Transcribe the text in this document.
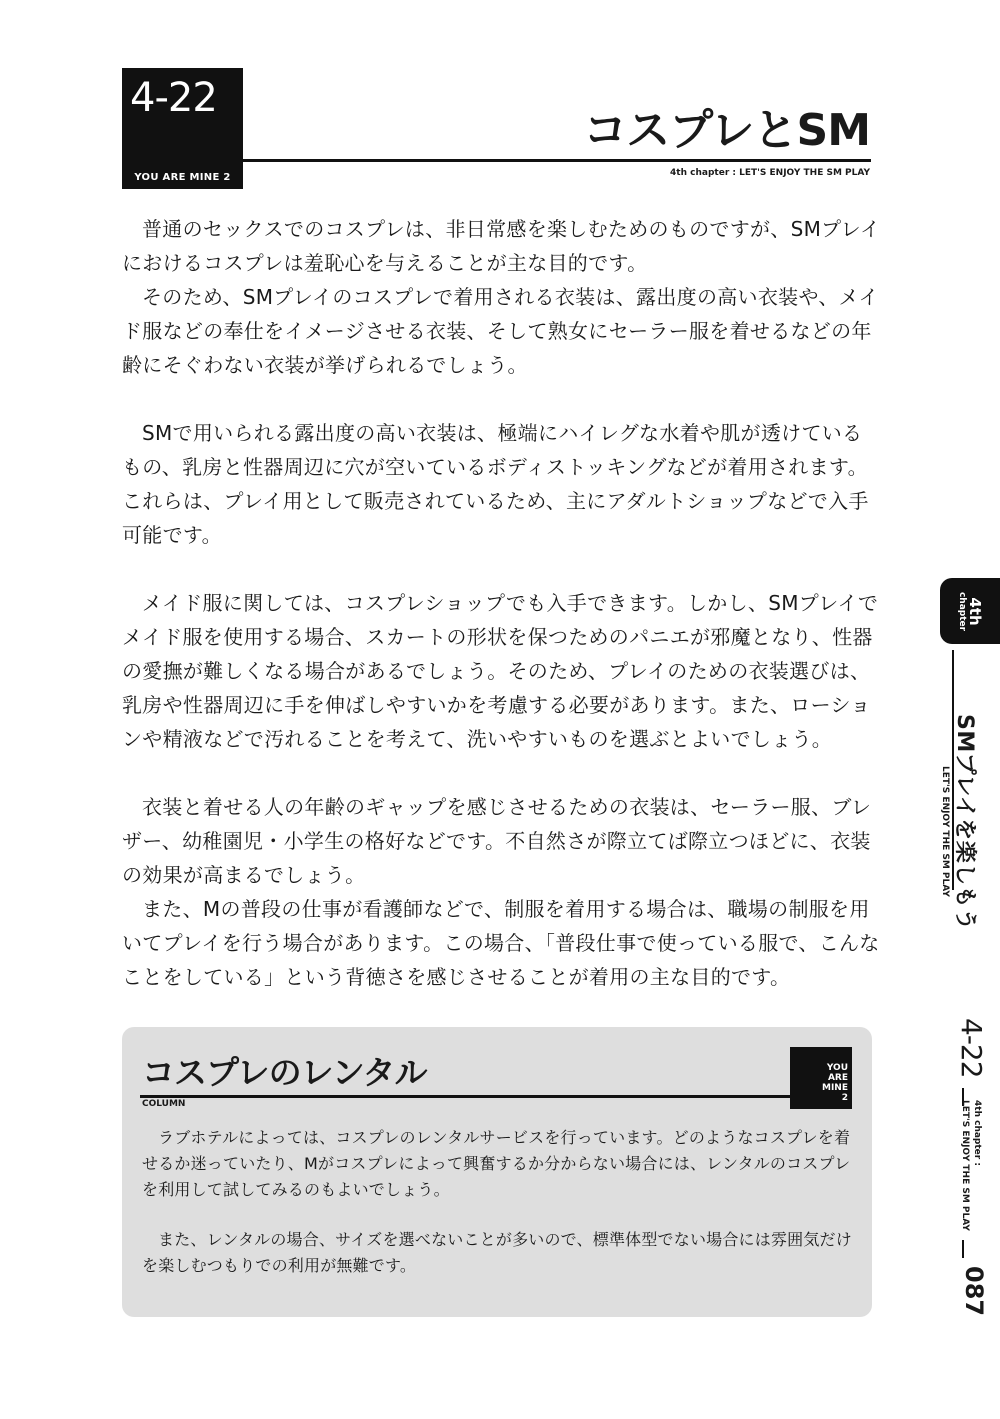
4-22
YOU ARE MINE 2
コスプレとSM
4th chapter : LET'S ENJOY THE SM PLAY

普通のセックスでのコスプレは、非日常感を楽しむためのものですが、SMプレイにおけるコスプレは羞恥心を与えることが主な目的です。

そのため、SMプレイのコスプレで着用される衣装は、露出度の高い衣装や、メイド服などの奉仕をイメージさせる衣装、そして熟女にセーラー服を着せるなどの年齢にそぐわない衣装が挙げられるでしょう。

SMで用いられる露出度の高い衣装は、極端にハイレグな水着や肌が透けているもの、乳房と性器周辺に穴が空いているボディストッキングなどが着用されます。これらは、プレイ用として販売されているため、主にアダルトショップなどで入手可能です。

メイド服に関しては、コスプレショップでも入手できます。しかし、SMプレイでメイド服を使用する場合、スカートの形状を保つためのパニエが邪魔となり、性器の愛撫が難しくなる場合があるでしょう。そのため、プレイのための衣装選びは、乳房や性器周辺に手を伸ばしやすいかを考慮する必要があります。また、ローションや精液などで汚れることを考えて、洗いやすいものを選ぶとよいでしょう。

衣装と着せる人の年齢のギャップを感じさせるための衣装は、セーラー服、ブレザー、幼稚園児・小学生の格好などです。不自然さが際立てば際立つほどに、衣装の効果が高まるでしょう。

また、Mの普段の仕事が看護師などで、制服を着用する場合は、職場の制服を用いてプレイを行う場合があります。この場合、「普段仕事で使っている服で、こんなことをしている」という背徳さを感じさせることが着用の主な目的です。

コスプレのレンタル
COLUMN
YOU
ARE
MINE
2

ラブホテルによっては、コスプレのレンタルサービスを行っています。どのようなコスプレを着せるか迷っていたり、Mがコスプレによって興奮するか分からない場合には、レンタルのコスプレを利用して試してみるのもよいでしょう。

また、レンタルの場合、サイズを選べないことが多いので、標準体型でない場合には雰囲気だけを楽しむつもりでの利用が無難です。

4th
chapter
SMプレイを楽しもう
LET'S ENJOY THE SM PLAY
4-22
4th chapter :
LET'S ENJOY THE SM PLAY
087
